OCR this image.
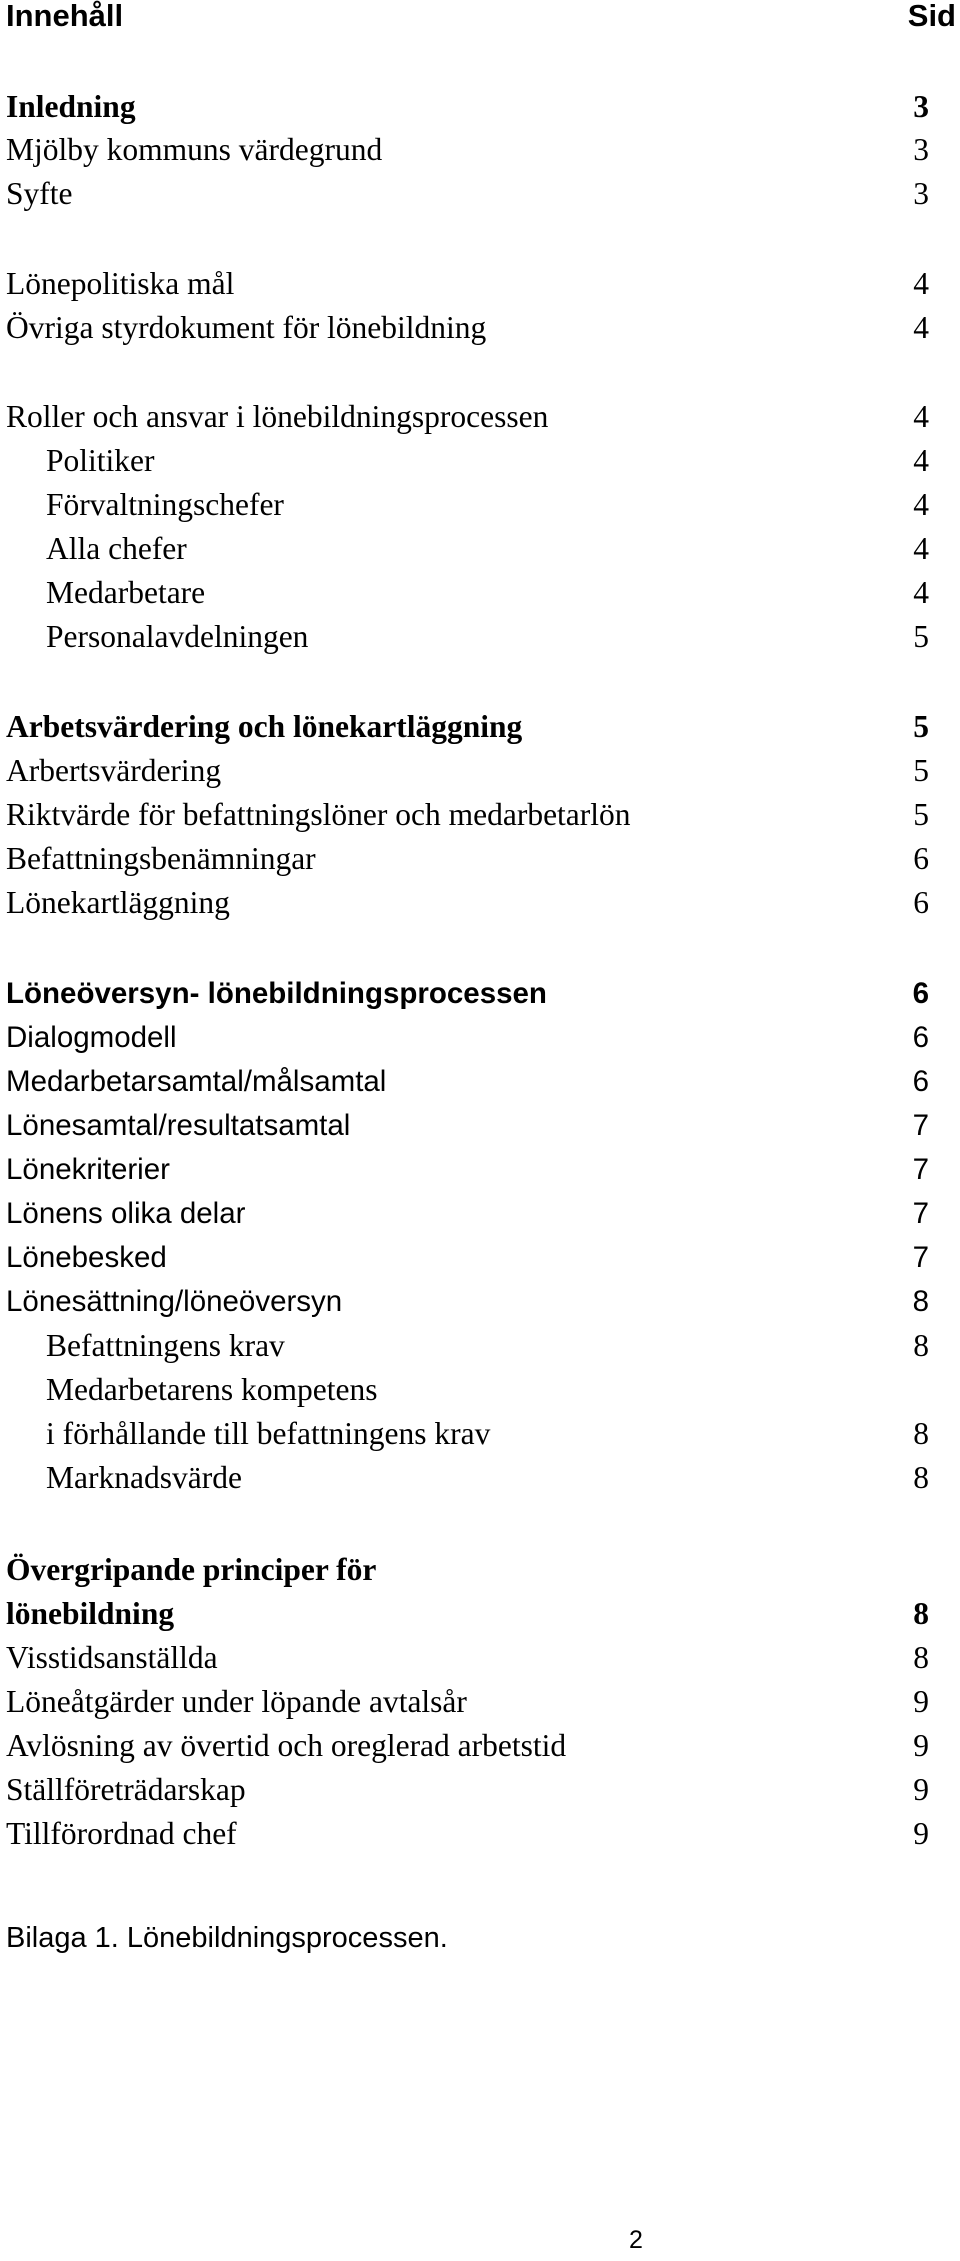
Innehåll	Sid
Inledning	3
Mjölby kommuns värdegrund	3
Syfte	3
Lönepolitiska mål	4
Övriga styrdokument för lönebildning	4
Roller och ansvar i lönebildningsprocessen	4
Politiker	4
Förvaltningschefer	4
Alla chefer	4
Medarbetare	4
Personalavdelningen	5
Arbetsvärdering och lönekartläggning	5
Arbertsvärdering	5
Riktvärde för befattningslöner och medarbetarlön	5
Befattningsbenämningar	6
Lönekartläggning	6
Löneöversyn- lönebildningsprocessen	6
Dialogmodell	6
Medarbetarsamtal/målsamtal	6
Lönesamtal/resultatsamtal	7
Lönekriterier	7
Lönens olika delar	7
Lönebesked	7
Lönesättning/löneöversyn	8
Befattningens krav	8
Medarbetarens kompetens
i förhållande till befattningens krav	8
Marknadsvärde	8
Övergripande principer för
lönebildning	8
Visstidsanställda	8
Löneåtgärder under löpande avtalsår	9
Avlösning av övertid och oreglerad arbetstid	9
Ställföreträdarskap	9
Tillförordnad chef	9
Bilaga 1. Lönebildningsprocessen.
2
